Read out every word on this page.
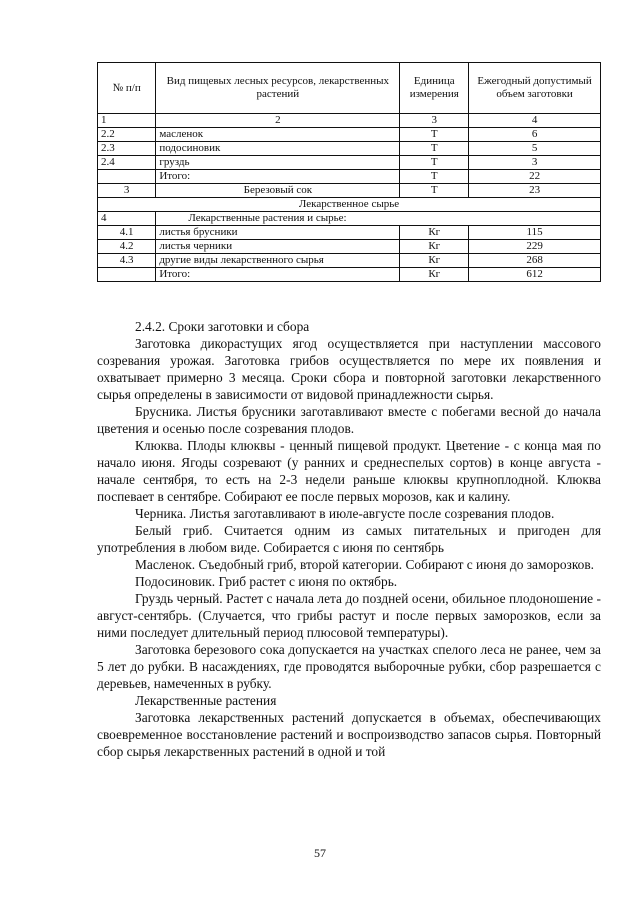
№ п/п	Вид пищевых лесных ресурсов, лекарственных растений	Единица измерения	Ежегодный допустимый объем заготовки
1	2	3	4
2.2	масленок	Т	6
2.3	подосиновик	Т	5
2.4	груздь	Т	3
	Итого:	Т	22
3	Березовый сок	Т	23
Лекарственное сырье			
4	Лекарственные растения и сырье:		
4.1	листья брусники	Кг	115
4.2	листья черники	Кг	229
4.3	другие виды лекарственного сырья	Кг	268
	Итого:	Кг	612

2.4.2. Сроки заготовки и сбора

Заготовка дикорастущих ягод осуществляется при наступлении массового созревания урожая. Заготовка грибов осуществляется по мере их появления и охватывает примерно 3 месяца. Сроки сбора и повторной заготовки лекарственного сырья определены в зависимости от видовой принадлежности сырья.

Брусника. Листья брусники заготавливают вместе с побегами весной до начала цветения и осенью после созревания плодов.

Клюква. Плоды клюквы - ценный пищевой продукт. Цветение - с конца мая по начало июня. Ягоды созревают (у ранних и среднеспелых сортов) в конце августа - начале сентября, то есть на 2-3 недели раньше клюквы крупноплодной. Клюква поспевает в сентябре. Собирают ее после первых морозов, как и калину.

Черника. Листья заготавливают в июле-августе после созревания плодов.

Белый гриб. Считается одним из самых питательных и пригоден для употребления в любом виде. Собирается с июня по сентябрь

Масленок. Съедобный гриб, второй категории. Собирают с июня до заморозков.

Подосиновик. Гриб растет с июня по октябрь.

Груздь черный. Растет с начала лета до поздней осени, обильное плодоношение - август-сентябрь. (Случается, что грибы растут и после первых заморозков, если за ними последует длительный период плюсовой температуры).

Заготовка березового сока допускается на участках спелого леса не ранее, чем за 5 лет до рубки. В насаждениях, где проводятся выборочные рубки, сбор разрешается с деревьев, намеченных в рубку.

Лекарственные растения

Заготовка лекарственных растений допускается в объемах, обеспечивающих своевременное восстановление растений и воспроизводство запасов сырья. Повторный сбор сырья лекарственных растений в одной и той

57
